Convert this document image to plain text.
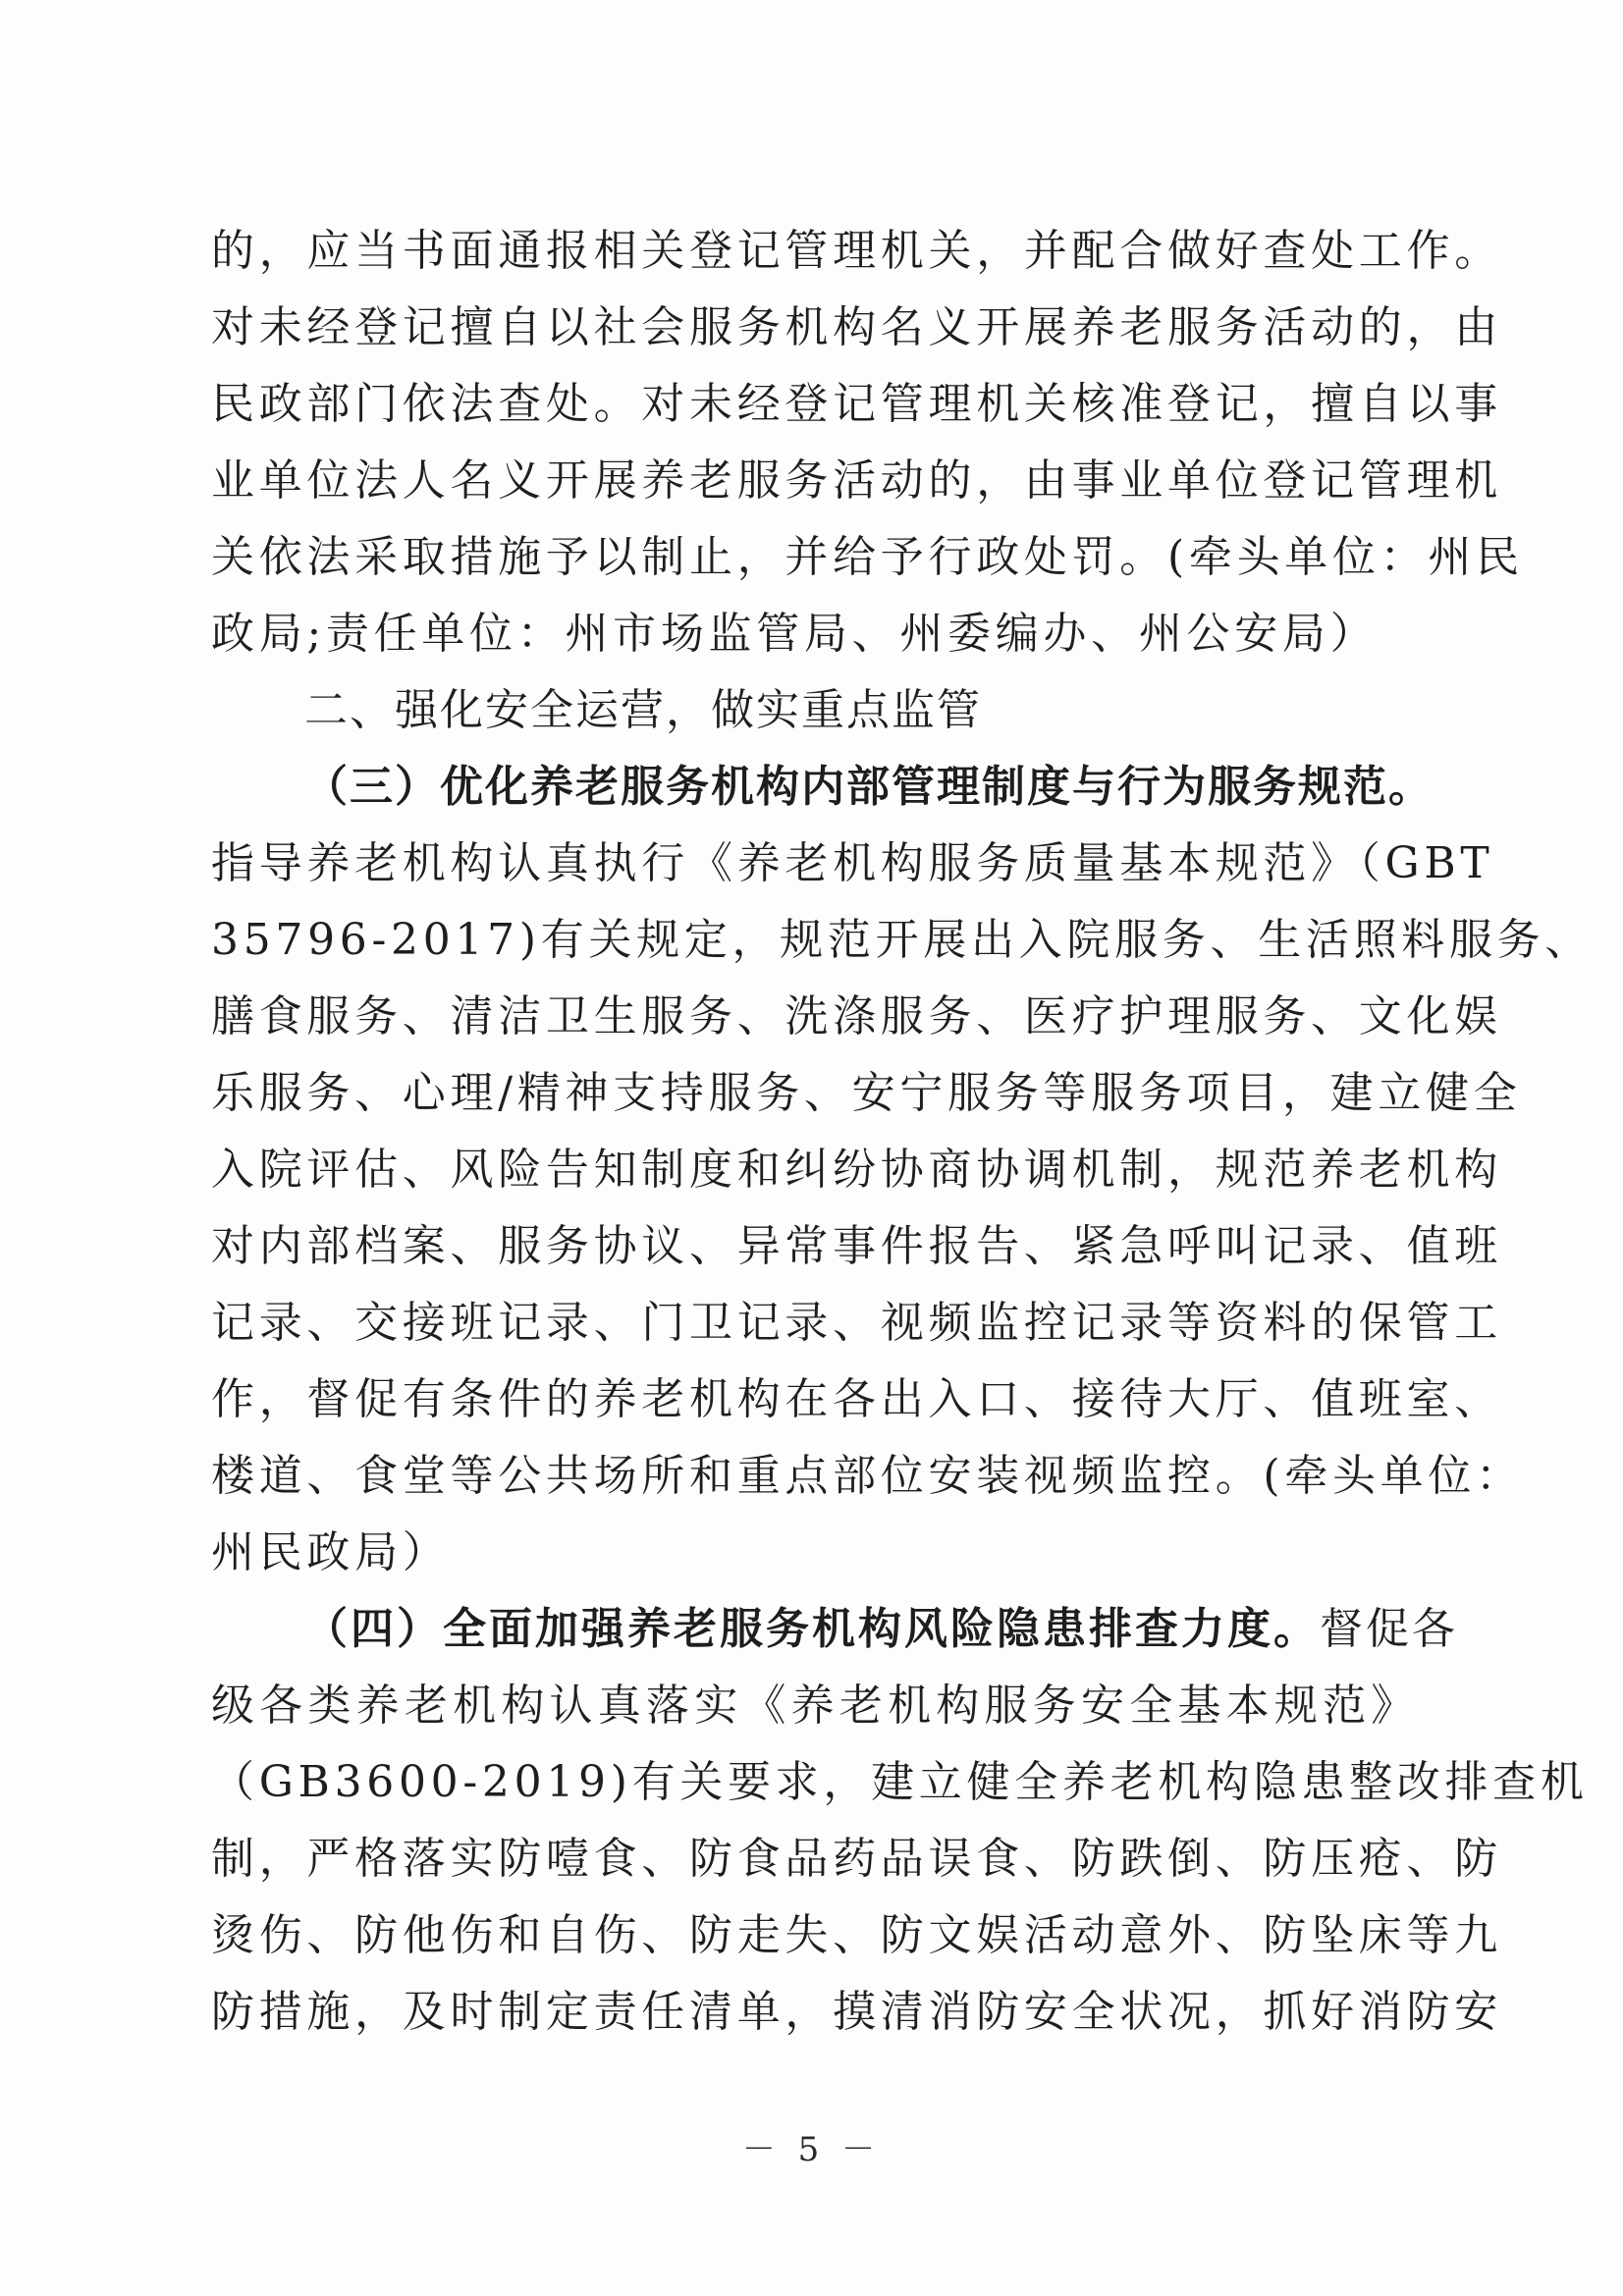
的，应当书面通报相关登记管理机关，并配合做好查处工作。
对未经登记擅自以社会服务机构名义开展养老服务活动的，由
民政部门依法查处。对未经登记管理机关核准登记，擅自以事
业单位法人名义开展养老服务活动的，由事业单位登记管理机
关依法采取措施予以制止，并给予行政处罚。(牵头单位：州民
政局;责任单位：州市场监管局、州委编办、州公安局）
二、强化安全运营，做实重点监管
（三）优化养老服务机构内部管理制度与行为服务规范。
指导养老机构认真执行《养老机构服务质量基本规范》（GBT
35796-2017)有关规定，规范开展出入院服务、生活照料服务、
膳食服务、清洁卫生服务、洗涤服务、医疗护理服务、文化娱
乐服务、心理/精神支持服务、安宁服务等服务项目，建立健全
入院评估、风险告知制度和纠纷协商协调机制，规范养老机构
对内部档案、服务协议、异常事件报告、紧急呼叫记录、值班
记录、交接班记录、门卫记录、视频监控记录等资料的保管工
作，督促有条件的养老机构在各出入口、接待大厅、值班室、
楼道、食堂等公共场所和重点部位安装视频监控。(牵头单位：
州民政局）
（四）全面加强养老服务机构风险隐患排查力度。督促各
级各类养老机构认真落实《养老机构服务安全基本规范》
（GB3600-2019)有关要求，建立健全养老机构隐患整改排查机
制，严格落实防噎食、防食品药品误食、防跌倒、防压疮、防
烫伤、防他伤和自伤、防走失、防文娱活动意外、防坠床等九
防措施，及时制定责任清单，摸清消防安全状况，抓好消防安
－ 5 －
